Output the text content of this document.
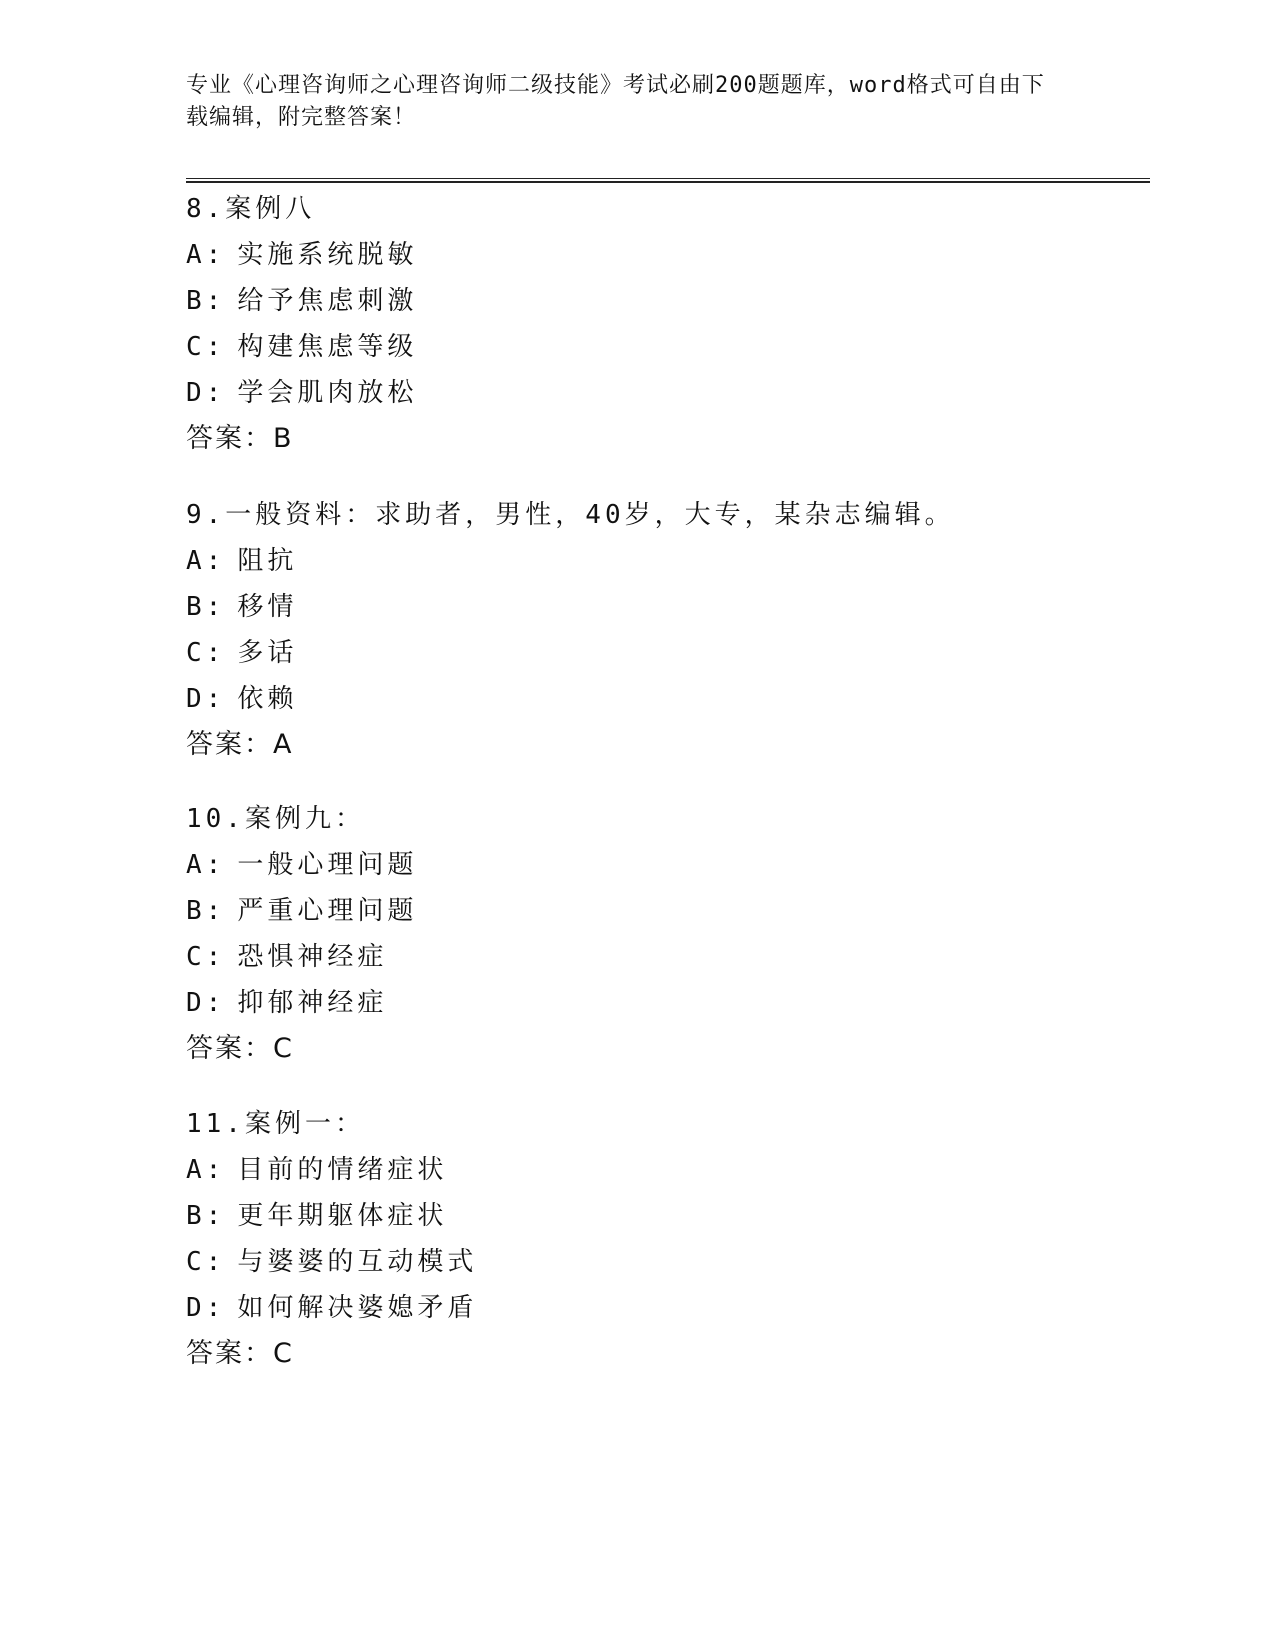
专业《心理咨询师之心理咨询师二级技能》考试必刷200题题库，word格式可自由下载编辑，附完整答案！
8.案例八
A: 实施系统脱敏
B: 给予焦虑刺激
C: 构建焦虑等级
D: 学会肌肉放松
答案：B
9.一般资料：求助者，男性，40岁，大专，某杂志编辑。
A: 阻抗
B: 移情
C: 多话
D: 依赖
答案：A
10.案例九：
A: 一般心理问题
B: 严重心理问题
C: 恐惧神经症
D: 抑郁神经症
答案：C
11.案例一：
A: 目前的情绪症状
B: 更年期躯体症状
C: 与婆婆的互动模式
D: 如何解决婆媳矛盾
答案：C
